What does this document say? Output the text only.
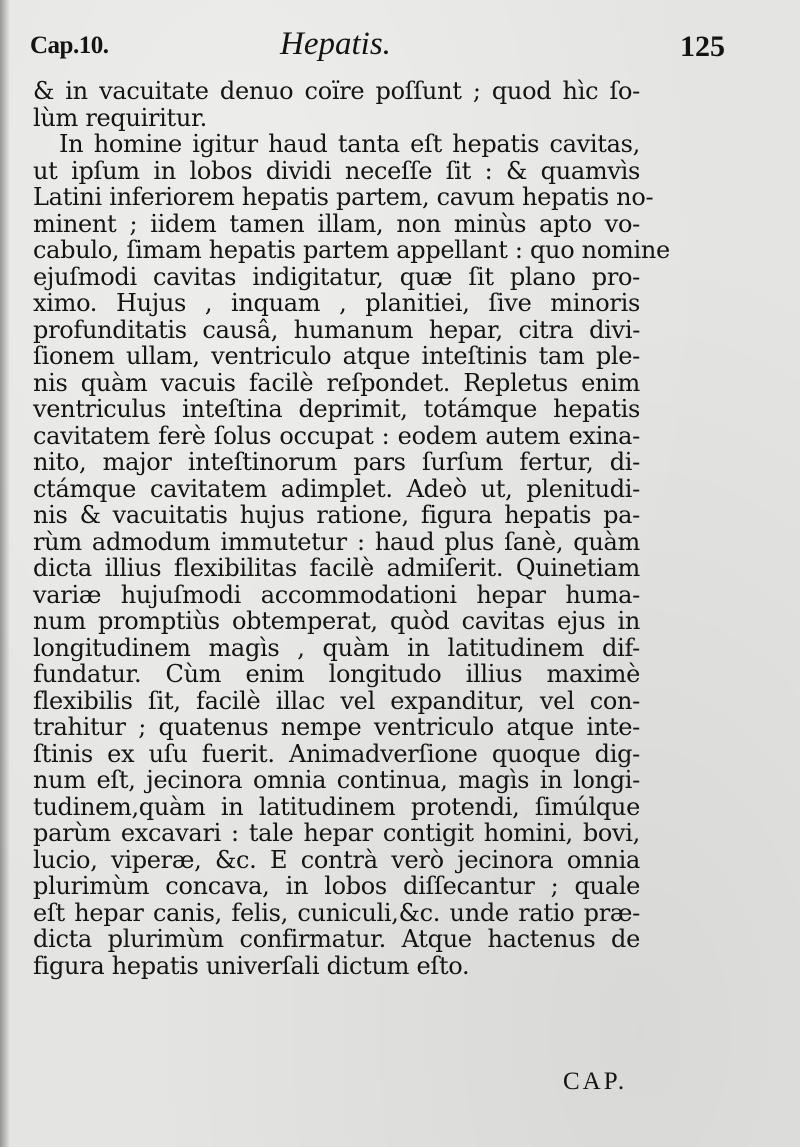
Cap.10.	Hepatis.	125
& in vacuitate denuo coïre poſſunt ; quod hìc ſo-
lùm requiritur.
In homine igitur haud tanta eſt hepatis cavitas,
ut ipſum in lobos dividi neceſſe ſit : & quamvìs
Latini inferiorem hepatis partem, cavum hepatis no-
minent ; iidem tamen illam, non minùs apto vo-
cabulo, ſimam hepatis partem appellant : quo nomine
ejuſmodi cavitas indigitatur, quæ ſit plano pro-
ximo. Hujus , inquam , planitiei, ſive minoris
profunditatis causâ, humanum hepar, citra divi-
ſionem ullam, ventriculo atque inteſtinis tam ple-
nis quàm vacuis facilè reſpondet. Repletus enim
ventriculus inteſtina deprimit, totámque hepatis
cavitatem ferè ſolus occupat : eodem autem exina-
nito, major inteſtinorum pars ſurſum fertur, di-
ctámque cavitatem adimplet. Adeò ut, plenitudi-
nis & vacuitatis hujus ratione, figura hepatis pa-
rùm admodum immutetur : haud plus ſanè, quàm
dicta illius flexibilitas facilè admiſerit. Quinetiam
variæ hujuſmodi accommodationi hepar huma-
num promptiùs obtemperat, quòd cavitas ejus in
longitudinem magìs , quàm in latitudinem dif-
fundatur. Cùm enim longitudo illius maximè
flexibilis ſit, facilè illac vel expanditur, vel con-
trahitur ; quatenus nempe ventriculo atque inte-
ſtinis ex uſu fuerit. Animadverſione quoque dig-
num eſt, jecinora omnia continua, magìs in longi-
tudinem,quàm in latitudinem protendi, ſimúlque
parùm excavari : tale hepar contigit homini, bovi,
lucio, viperæ, &c. E contrà verò jecinora omnia
plurimùm concava, in lobos diſſecantur ; quale
eſt hepar canis, felis, cuniculi,&c. unde ratio præ-
dicta plurimùm confirmatur. Atque hactenus de
figura hepatis univerſali dictum eſto.
CAP.
